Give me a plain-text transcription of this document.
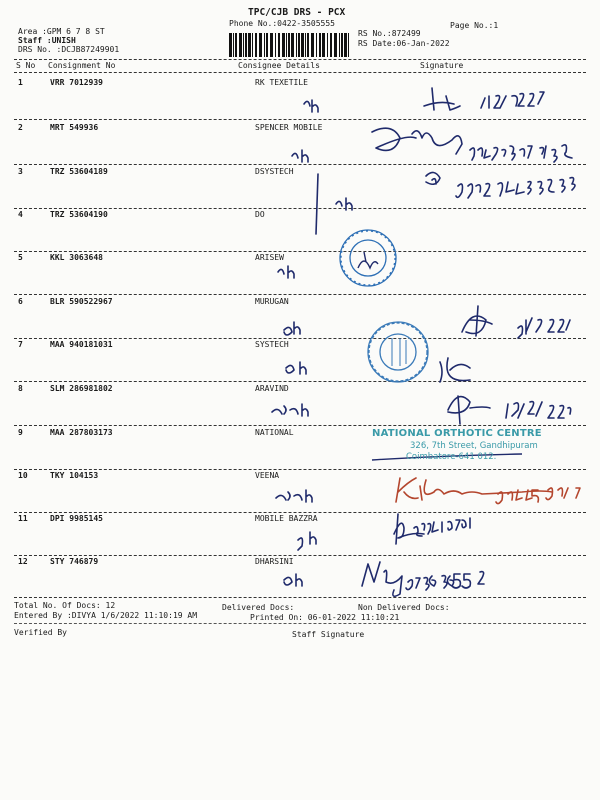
TPC/CJB DRS - PCX
Phone No.:0422-3505555	Page No.:1
Area :GPM 6 7 8 ST
Staff :UNISH
DRS No. :DCJB87249901
RS No.:872499
RS Date:06-Jan-2022
S No Consignment No	Consignee Details	Signature
1	VRR 7012939	RK TEXETILE
2	MRT 549936	SPENCER MOBILE
3	TRZ 53604189	DSYSTECH
4	TRZ 53604190	DO
5	KKL 3063648	ARISEW
6	BLR 590522967	MURUGAN
7	MAA 940181031	SYSTECH
8	SLM 286981802	ARAVIND
9	MAA 287803173	NATIONAL
10	TKY 104153	VEENA
11	DPI 9985145	MOBILE BAZZRA
12	STY 746879	DHARSINI
Total No. Of Docs: 12	Delivered Docs:	Non Delivered Docs:
Entered By :DIVYA 1/6/2022 11:10:19 AM	Printed On: 06-01-2022 11:10:21
Verified By	Staff Signature
NATIONAL ORTHOTIC CENTRE
326, 7th Street, Gandhipuram
Coimbatore-641 012.
